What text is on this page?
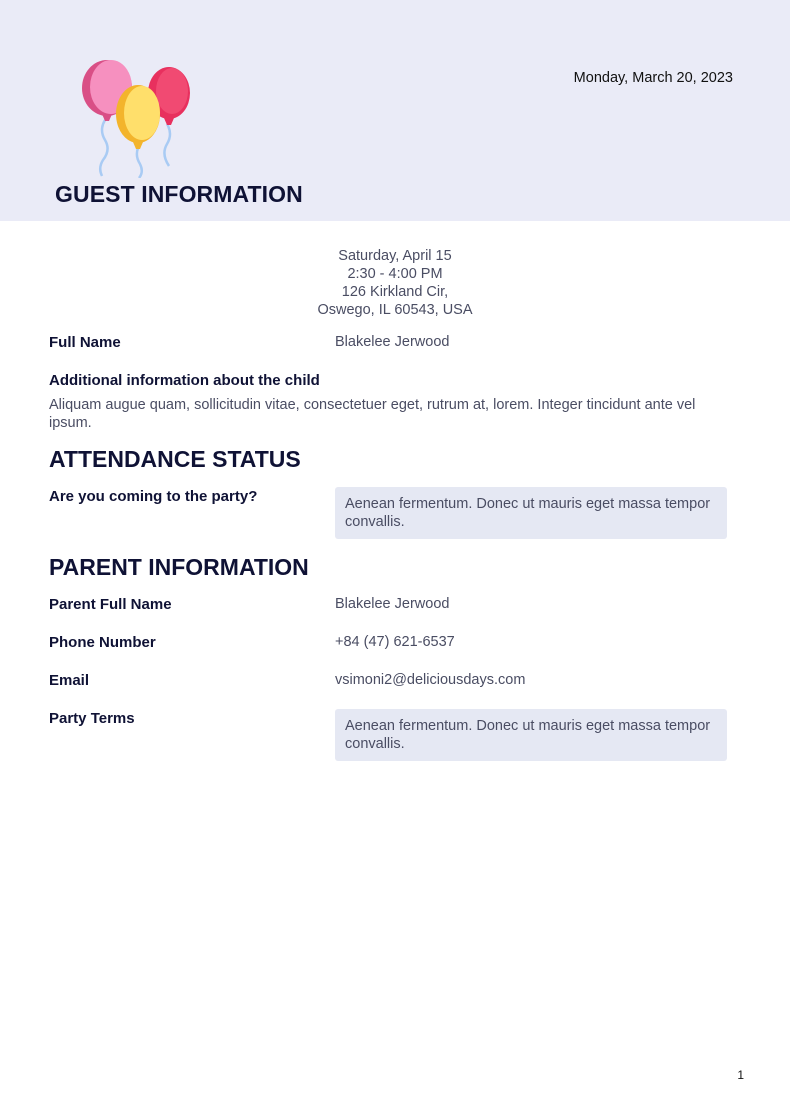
Monday, March 20, 2023
GUEST INFORMATION
Saturday, April 15
2:30 - 4:00 PM
126 Kirkland Cir,
Oswego, IL 60543, USA
Full Name	Blakelee Jerwood
Additional information about the child
Aliquam augue quam, sollicitudin vitae, consectetuer eget, rutrum at, lorem. Integer tincidunt ante vel ipsum.
ATTENDANCE STATUS
Are you coming to the party?	Aenean fermentum. Donec ut mauris eget massa tempor convallis.
PARENT INFORMATION
Parent Full Name	Blakelee Jerwood
Phone Number	+84 (47) 621-6537
Email	vsimoni2@deliciousdays.com
Party Terms	Aenean fermentum. Donec ut mauris eget massa tempor convallis.
1
